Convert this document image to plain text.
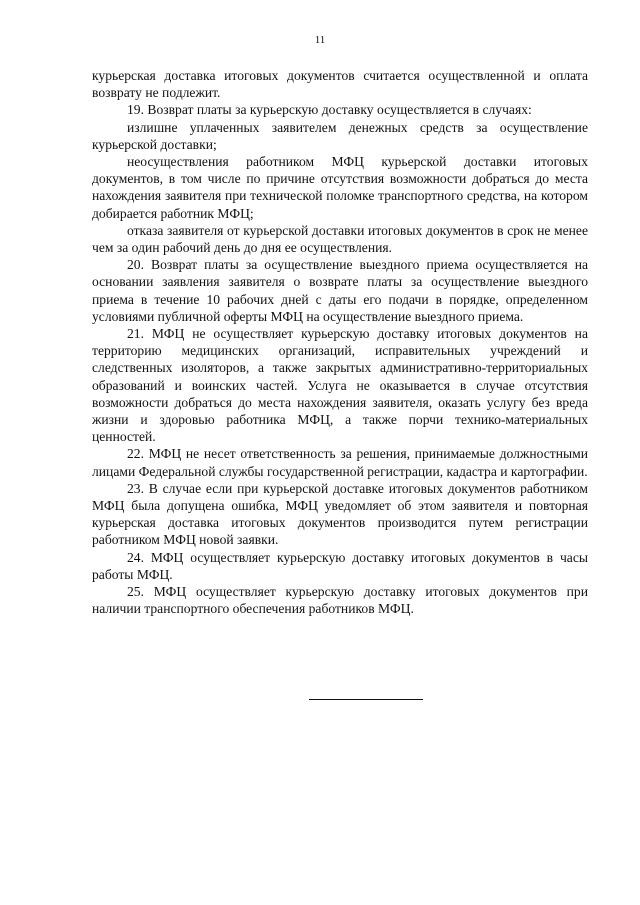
11

курьерская доставка итоговых документов считается осуществленной и оплата возврату не подлежит.

19. Возврат платы за курьерскую доставку осуществляется в случаях:

излишне уплаченных заявителем денежных средств за осуществление курьерской доставки;

неосуществления работником МФЦ курьерской доставки итоговых документов, в том числе по причине отсутствия возможности добраться до места нахождения заявителя при технической поломке транспортного средства, на котором добирается работник МФЦ;

отказа заявителя от курьерской доставки итоговых документов в срок не менее чем за один рабочий день до дня ее осуществления.

20. Возврат платы за осуществление выездного приема осуществляется на основании заявления заявителя о возврате платы за осуществление выездного приема в течение 10 рабочих дней с даты его подачи в порядке, определенном условиями публичной оферты МФЦ на осуществление выездного приема.

21. МФЦ не осуществляет курьерскую доставку итоговых документов на территорию медицинских организаций, исправительных учреждений и следственных изоляторов, а также закрытых административно-территориальных образований и воинских частей. Услуга не оказывается в случае отсутствия возможности добраться до места нахождения заявителя, оказать услугу без вреда жизни и здоровью работника МФЦ, а также порчи технико-материальных ценностей.

22. МФЦ не несет ответственность за решения, принимаемые должностными лицами Федеральной службы государственной регистрации, кадастра и картографии.

23. В случае если при курьерской доставке итоговых документов работником МФЦ была допущена ошибка, МФЦ уведомляет об этом заявителя и повторная курьерская доставка итоговых документов производится путем регистрации работником МФЦ новой заявки.

24. МФЦ осуществляет курьерскую доставку итоговых документов в часы работы МФЦ.

25. МФЦ осуществляет курьерскую доставку итоговых документов при наличии транспортного обеспечения работников МФЦ.
